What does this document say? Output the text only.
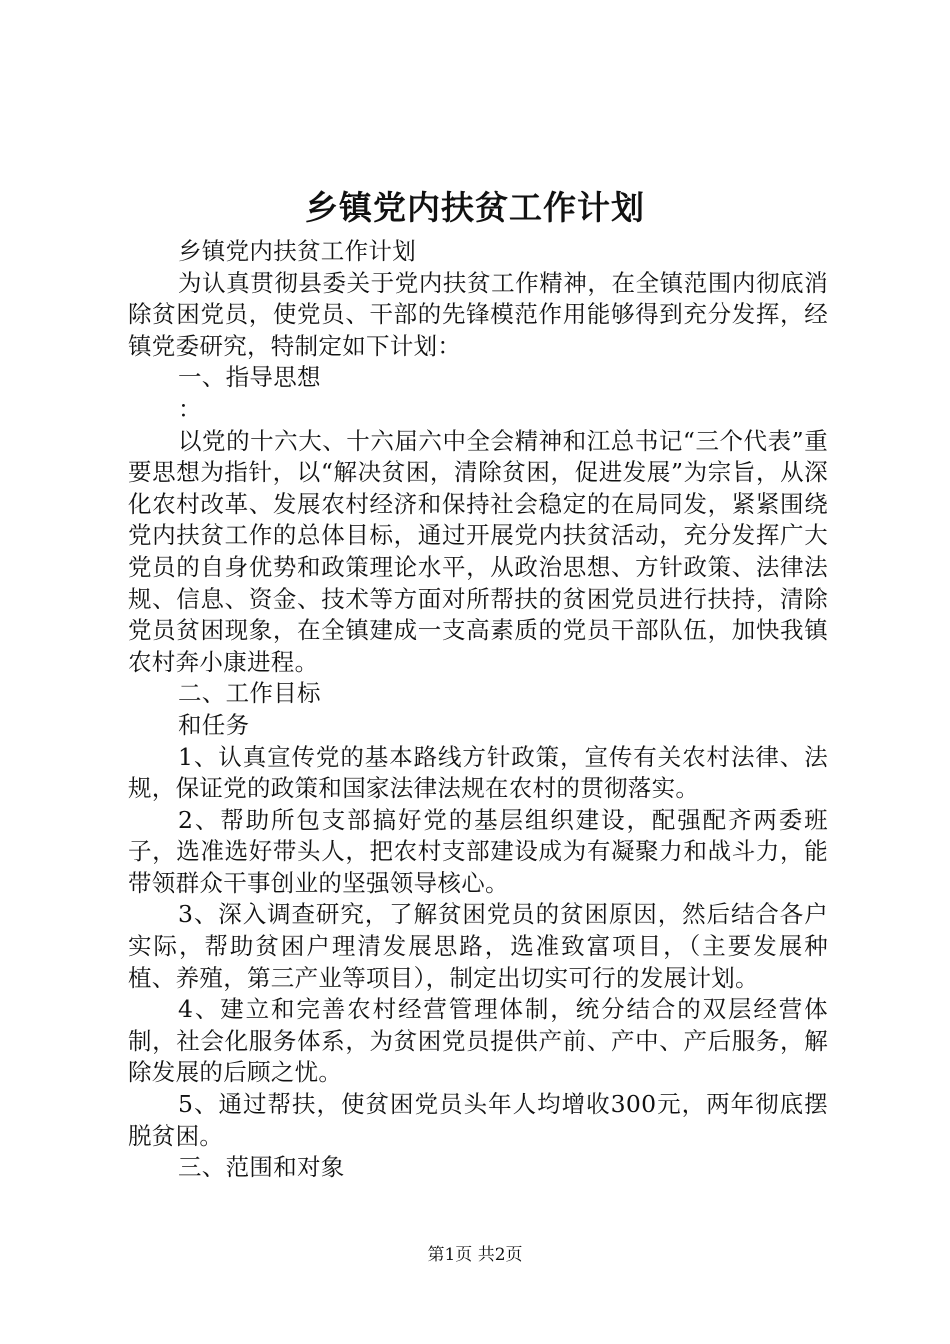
乡镇党内扶贫工作计划

乡镇党内扶贫工作计划

为认真贯彻县委关于党内扶贫工作精神，在全镇范围内彻底消除贫困党员，使党员、干部的先锋模范作用能够得到充分发挥，经镇党委研究，特制定如下计划：

一、指导思想

：

以党的十六大、十六届六中全会精神和江总书记“三个代表”重要思想为指针，以“解决贫困，清除贫困，促进发展”为宗旨，从深化农村改革、发展农村经济和保持社会稳定的在局同发，紧紧围绕党内扶贫工作的总体目标，通过开展党内扶贫活动，充分发挥广大党员的自身优势和政策理论水平，从政治思想、方针政策、法律法规、信息、资金、技术等方面对所帮扶的贫困党员进行扶持，清除党员贫困现象，在全镇建成一支高素质的党员干部队伍，加快我镇农村奔小康进程。

二、工作目标

和任务

1、认真宣传党的基本路线方针政策，宣传有关农村法律、法规，保证党的政策和国家法律法规在农村的贯彻落实。

2、帮助所包支部搞好党的基层组织建设，配强配齐两委班子，选准选好带头人，把农村支部建设成为有凝聚力和战斗力，能带领群众干事创业的坚强领导核心。

3、深入调查研究，了解贫困党员的贫困原因，然后结合各户实际，帮助贫困户理清发展思路，选准致富项目，（主要发展种植、养殖，第三产业等项目），制定出切实可行的发展计划。

4、建立和完善农村经营管理体制，统分结合的双层经营体制，社会化服务体系，为贫困党员提供产前、产中、产后服务，解除发展的后顾之忧。

5、通过帮扶，使贫困党员头年人均增收300元，两年彻底摆脱贫困。

三、范围和对象

第1页 共2页
